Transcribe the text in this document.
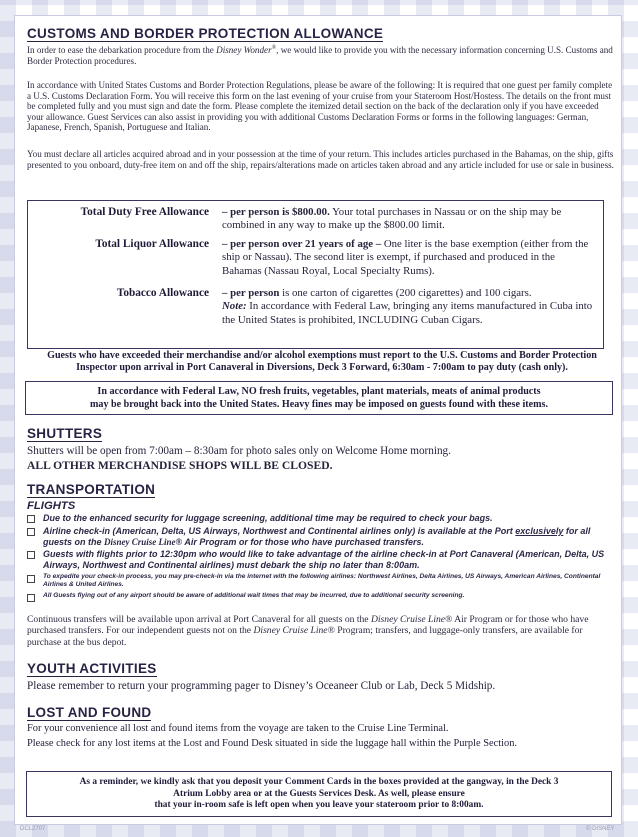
CUSTOMS AND BORDER PROTECTION ALLOWANCE
In order to ease the debarkation procedure from the Disney Wonder®, we would like to provide you with the necessary information concerning U.S. Customs and Border Protection procedures.
In accordance with United States Customs and Border Protection Regulations, please be aware of the following: It is required that one guest per family complete a U.S. Customs Declaration Form. You will receive this form on the last evening of your cruise from your Stateroom Host/Hostess. The details on the front must be completed fully and you must sign and date the form. Please complete the itemized detail section on the back of the declaration only if you have exceeded your allowance. Guest Services can also assist in providing you with additional Customs Declaration Forms or forms in the following languages: German, Japanese, French, Spanish, Portuguese and Italian.
You must declare all articles acquired abroad and in your possession at the time of your return. This includes articles purchased in the Bahamas, on the ship, gifts presented to you onboard, duty-free item on and off the ship, repairs/alterations made on articles taken abroad and any article included for use or sale in business.
Total Duty Free Allowance – per person is $800.00. Your total purchases in Nassau or on the ship may be combined in any way to make up the $800.00 limit.
Total Liquor Allowance – per person over 21 years of age – One liter is the base exemption (either from the ship or Nassau). The second liter is exempt, if purchased and produced in the Bahamas (Nassau Royal, Local Specialty Rums).
Tobacco Allowance – per person is one carton of cigarettes (200 cigarettes) and 100 cigars.
Note: In accordance with Federal Law, bringing any items manufactured in Cuba into the United States is prohibited, INCLUDING Cuban Cigars.
Guests who have exceeded their merchandise and/or alcohol exemptions must report to the U.S. Customs and Border Protection Inspector upon arrival in Port Canaveral in Diversions, Deck 3 Forward, 6:30am - 7:00am to pay duty (cash only).
In accordance with Federal Law, NO fresh fruits, vegetables, plant materials, meats of animal products
may be brought back into the United States. Heavy fines may be imposed on guests found with these items.
SHUTTERS
Shutters will be open from 7:00am – 8:30am for photo sales only on Welcome Home morning.
ALL OTHER MERCHANDISE SHOPS WILL BE CLOSED.
TRANSPORTATION
FLIGHTS
Due to the enhanced security for luggage screening, additional time may be required to check your bags.
Airline check-in (American, Delta, US Airways, Northwest and Continental airlines only) is available at the Port exclusively for all guests on the Disney Cruise Line® Air Program or for those who have purchased transfers.
Guests with flights prior to 12:30pm who would like to take advantage of the airline check-in at Port Canaveral (American, Delta, US Airways, Northwest and Continental airlines) must debark the ship no later than 8:00am.
To expedite your check-in process, you may pre-check-in via the internet with the following airlines: Northwest Airlines, Delta Airlines, US Airways, American Airlines, Continental Airlines & United Airlines.
All Guests flying out of any airport should be aware of additional wait times that may be incurred, due to additional security screening.
Continuous transfers will be available upon arrival at Port Canaveral for all guests on the Disney Cruise Line® Air Program or for those who have purchased transfers. For our independent guests not on the Disney Cruise Line® Program; transfers, and luggage-only transfers, are available for purchase at the bus depot.
YOUTH ACTIVITIES
Please remember to return your programming pager to Disney’s Oceaneer Club or Lab, Deck 5 Midship.
LOST AND FOUND
For your convenience all lost and found items from the voyage are taken to the Cruise Line Terminal.
Please check for any lost items at the Lost and Found Desk situated in side the luggage hall within the Purple Section.
As a reminder, we kindly ask that you deposit your Comment Cards in the boxes provided at the gangway, in the Deck 3
Atrium Lobby area or at the Guests Services Desk. As well, please ensure
that your in-room safe is left open when you leave your stateroom prior to 8:00am.
DCL2707	© DISNEY
